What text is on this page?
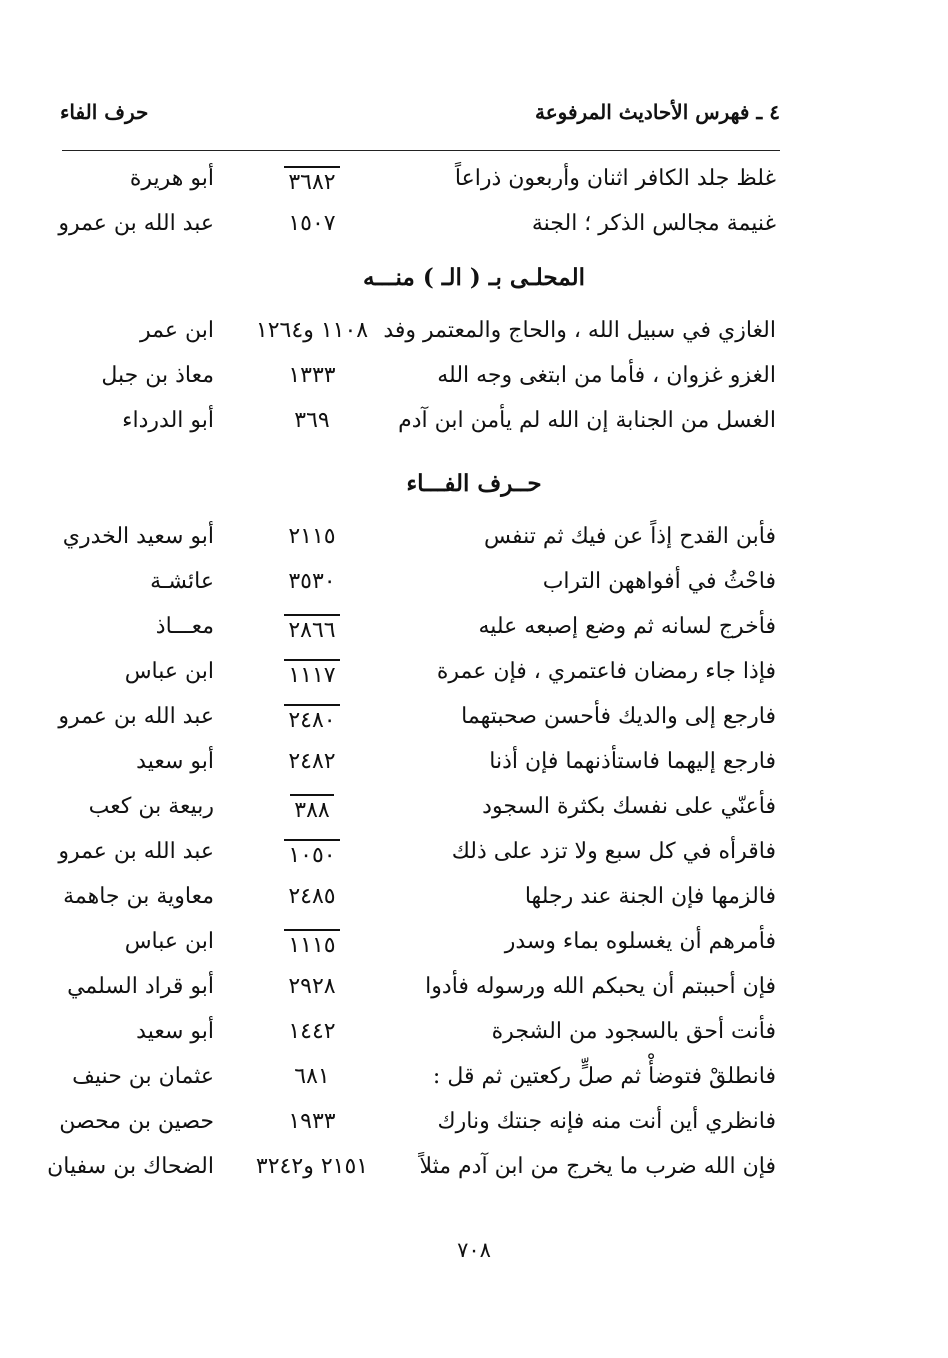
٤ ـ فهرس الأحاديث المرفوعة
حرف الفاء
غلظ جلد الكافر اثنان وأربعون ذراعاً
٣٦٨٢
أبو هريرة
غنيمة مجالس الذكر ؛ الجنة
١٥٠٧
عبد الله بن عمرو
المحلـى بـ ( الـ ) منـــه
الغازي في سبيل الله ، والحاج والمعتمر وفد
١١٠٨ و١٢٦٤
ابن عمر
الغزو غزوان ، فأما من ابتغى وجه الله
١٣٣٣
معاذ بن جبل
الغسل من الجنابة إن الله لم يأمن ابن آدم
٣٦٩
أبو الدرداء
حــرف الفـــاء
فأبن القدح إذاً عن فيك ثم تنفس
٢١١٥
أبو سعيد الخدري
فاحْثُ في أفواههن التراب
٣٥٣٠
عائشـة
فأخرج لسانه ثم وضع إصبعه عليه
٢٨٦٦
معـــاذ
فإذا جاء رمضان فاعتمري ، فإن عمرة
١١١٧
ابن عباس
فارجع إلى والديك فأحسن صحبتهما
٢٤٨٠
عبد الله بن عمرو
فارجع إليهما فاستأذنهما فإن أذنا
٢٤٨٢
أبو سعيد
فأعنّي على نفسك بكثرة السجود
٣٨٨
ربيعة بن كعب
فاقرأه في كل سبع ولا تزد على ذلك
١٠٥٠
عبد الله بن عمرو
فالزمها فإن الجنة عند رجلها
٢٤٨٥
معاوية بن جاهمة
فأمرهم أن يغسلوه بماء وسدر
١١١٥
ابن عباس
فإن أحببتم أن يحبكم الله ورسوله فأدوا
٢٩٢٨
أبو قراد السلمي
فأنت أحق بالسجود من الشجرة
١٤٤٢
أبو سعيد
فانطلقْ فتوضأْ ثم صلٍّ ركعتين ثم قل :
٦٨١
عثمان بن حنيف
فانظري أين أنت منه فإنه جنتك ونارك
١٩٣٣
حصين بن محصن
فإن الله ضرب ما يخرج من ابن آدم مثلاً
٢١٥١ و٣٢٤٢
الضحاك بن سفيان
٧٠٨
